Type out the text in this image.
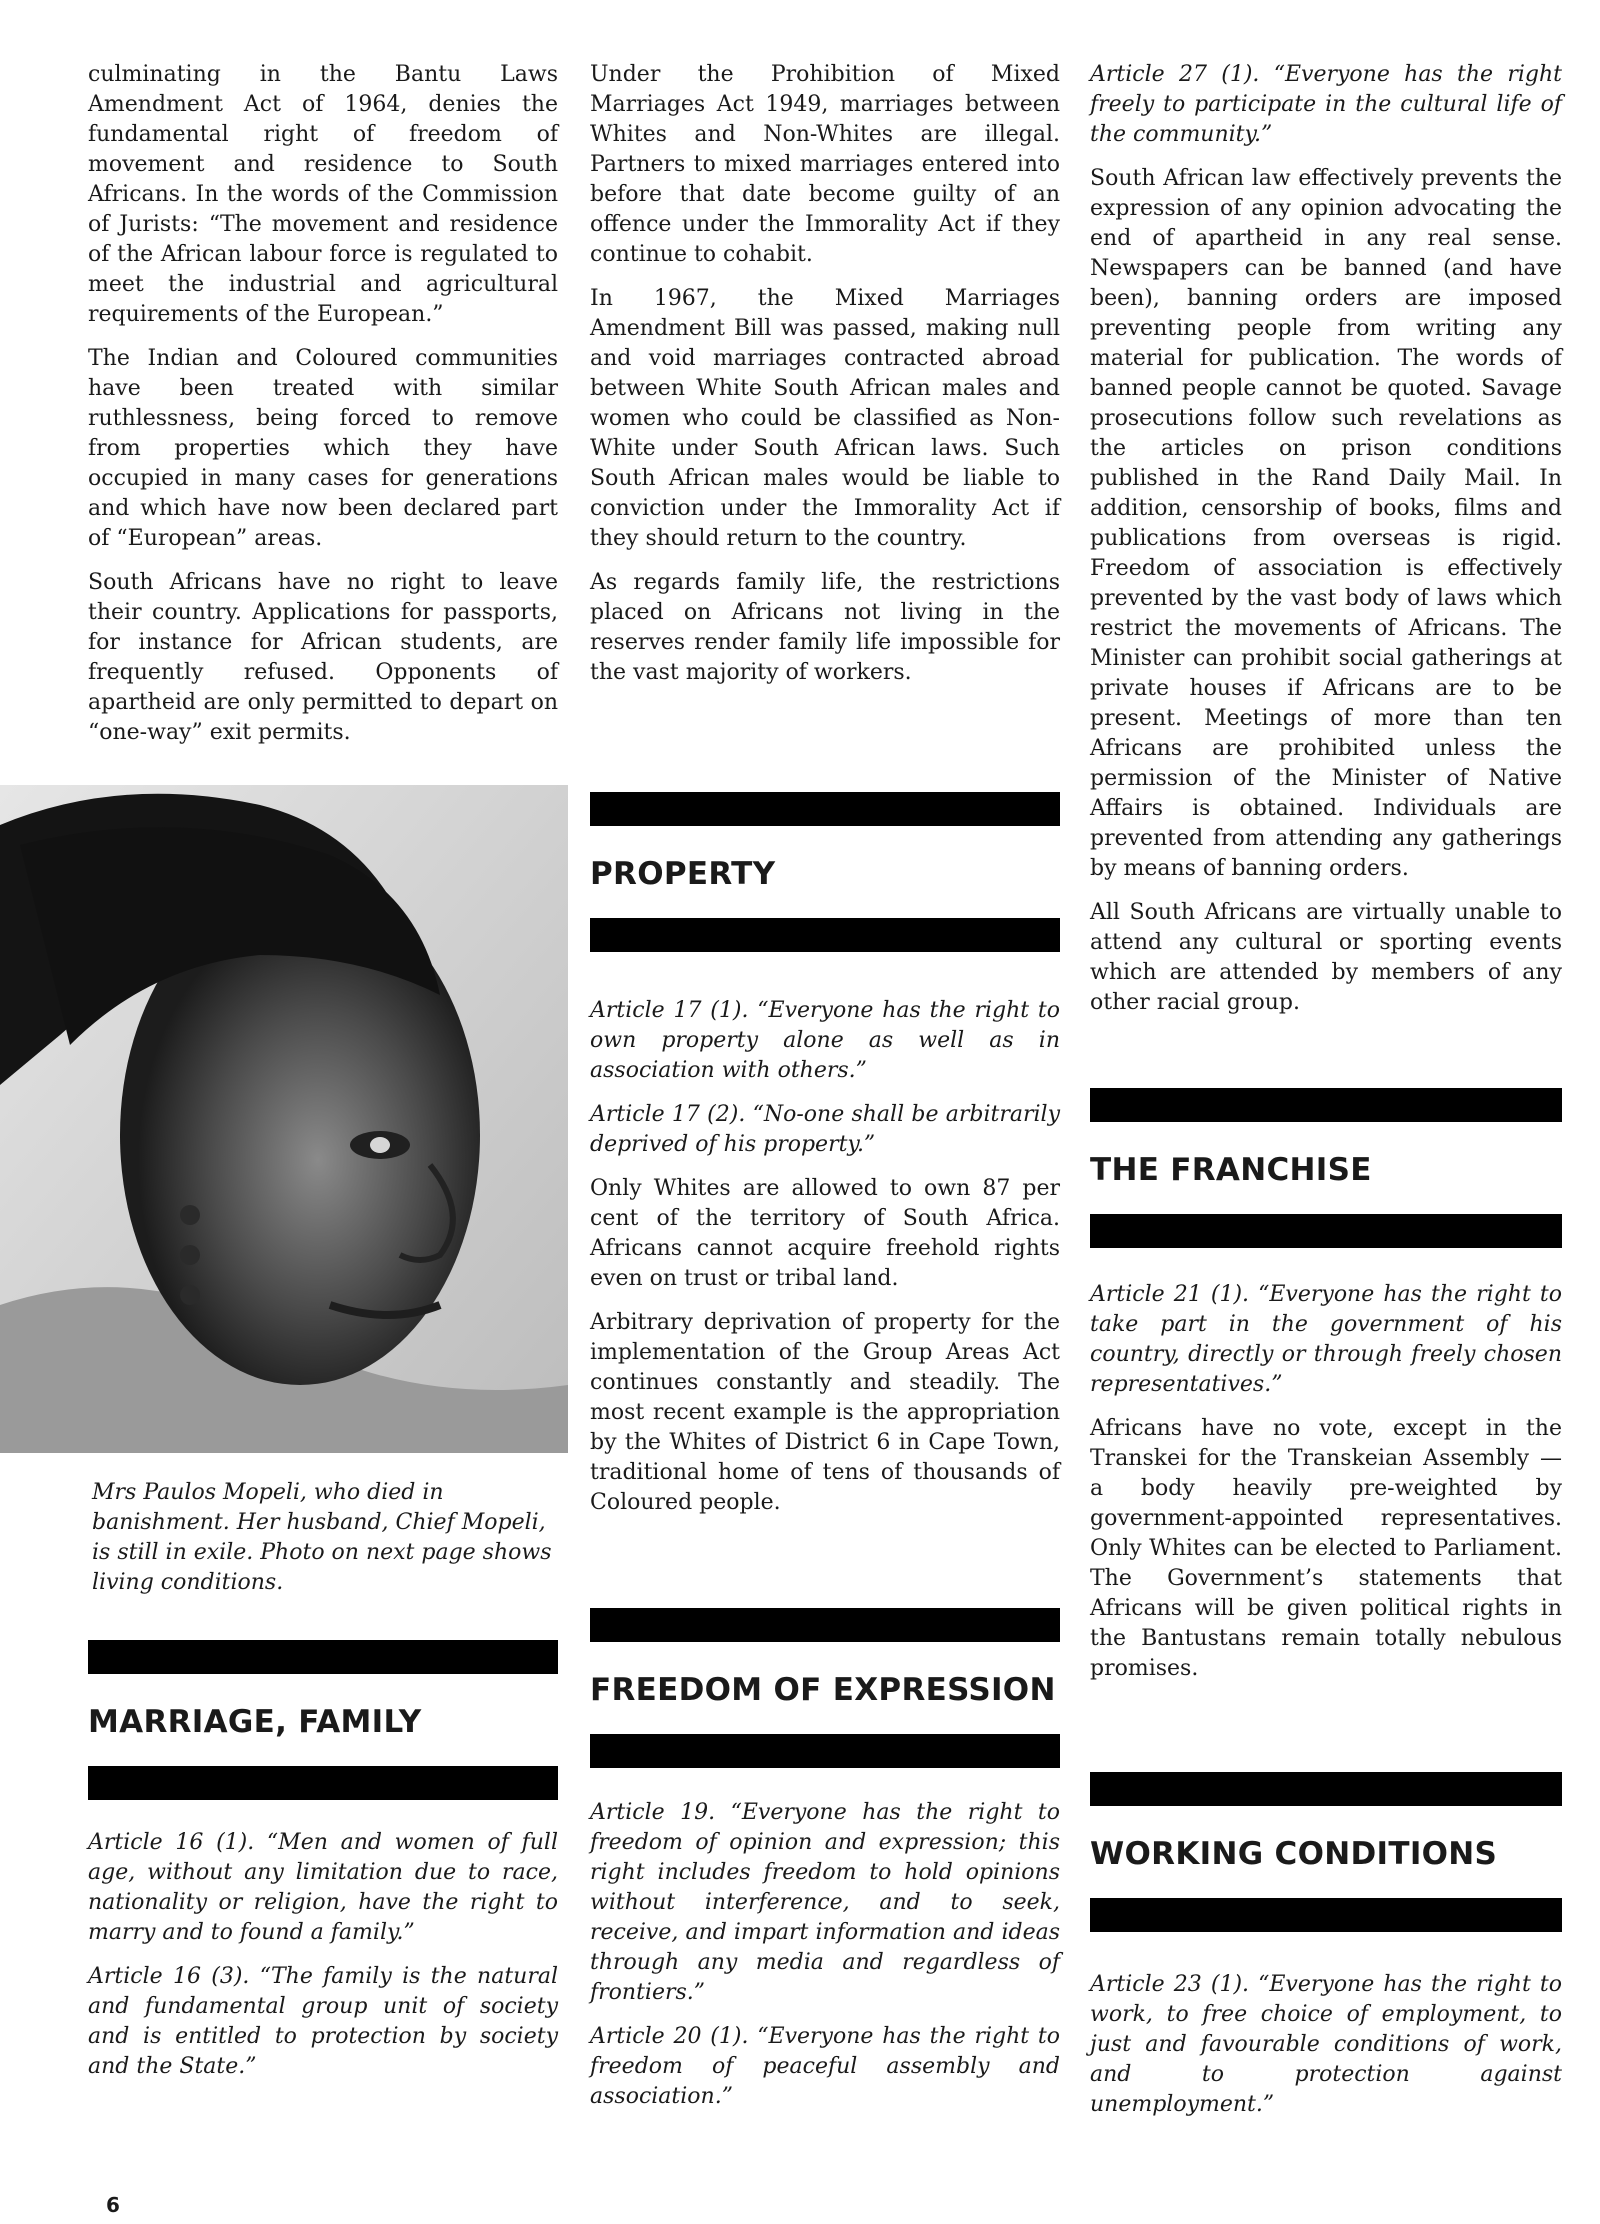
culminating in the Bantu Laws Amendment Act of 1964, denies the fundamental right of freedom of movement and residence to South Africans. In the words of the Commission of Jurists: “The movement and residence of the African labour force is regulated to meet the industrial and agricultural requirements of the European.”

The Indian and Coloured communities have been treated with similar ruthlessness, being forced to remove from properties which they have occupied in many cases for generations and which have now been declared part of “European” areas.

South Africans have no right to leave their country. Applications for passports, for instance for African students, are frequently refused. Opponents of apartheid are only permitted to depart on “one-way” exit permits.

Mrs Paulos Mopeli, who died in banishment. Her husband, Chief Mopeli, is still in exile. Photo on next page shows living conditions.
MARRIAGE, FAMILY

Article 16 (1). “Men and women of full age, without any limitation due to race, nationality or religion, have the right to marry and to found a family.”

Article 16 (3). “The family is the natural and fundamental group unit of society and is entitled to protection by society and the State.”

Under the Prohibition of Mixed Marriages Act 1949, marriages between Whites and Non-Whites are illegal. Partners to mixed marriages entered into before that date become guilty of an offence under the Immorality Act if they continue to cohabit.

In 1967, the Mixed Marriages Amendment Bill was passed, making null and void marriages contracted abroad between White South African males and women who could be classified as Non-White under South African laws. Such South African males would be liable to conviction under the Immorality Act if they should return to the country.

As regards family life, the restrictions placed on Africans not living in the reserves render family life impossible for the vast majority of workers.

PROPERTY

Article 17 (1). “Everyone has the right to own property alone as well as in association with others.”

Article 17 (2). “No-one shall be arbitrarily deprived of his property.”

Only Whites are allowed to own 87 per cent of the territory of South Africa. Africans cannot acquire freehold rights even on trust or tribal land.

Arbitrary deprivation of property for the implementation of the Group Areas Act continues constantly and steadily. The most recent example is the appropriation by the Whites of District 6 in Cape Town, traditional home of tens of thousands of Coloured people.

FREEDOM OF EXPRESSION

Article 19. “Everyone has the right to freedom of opinion and expression; this right includes freedom to hold opinions without interference, and to seek, receive, and impart information and ideas through any media and regardless of frontiers.”

Article 20 (1). “Everyone has the right to freedom of peaceful assembly and association.”

Article 27 (1). “Everyone has the right freely to participate in the cultural life of the community.”

South African law effectively prevents the expression of any opinion advocating the end of apartheid in any real sense. Newspapers can be banned (and have been), banning orders are imposed preventing people from writing any material for publication. The words of banned people cannot be quoted. Savage prosecutions follow such revelations as the articles on prison conditions published in the Rand Daily Mail. In addition, censorship of books, films and publications from overseas is rigid. Freedom of association is effectively prevented by the vast body of laws which restrict the movements of Africans. The Minister can prohibit social gatherings at private houses if Africans are to be present. Meetings of more than ten Africans are prohibited unless the permission of the Minister of Native Affairs is obtained. Individuals are prevented from attending any gatherings by means of banning orders.

All South Africans are virtually unable to attend any cultural or sporting events which are attended by members of any other racial group.

THE FRANCHISE

Article 21 (1). “Everyone has the right to take part in the government of his country, directly or through freely chosen representatives.”

Africans have no vote, except in the Transkei for the Transkeian Assembly — a body heavily pre-weighted by government-appointed representatives. Only Whites can be elected to Parliament. The Government’s statements that Africans will be given political rights in the Bantustans remain totally nebulous promises.

WORKING CONDITIONS

Article 23 (1). “Everyone has the right to work, to free choice of employment, to just and favourable conditions of work, and to protection against unemployment.”

6
